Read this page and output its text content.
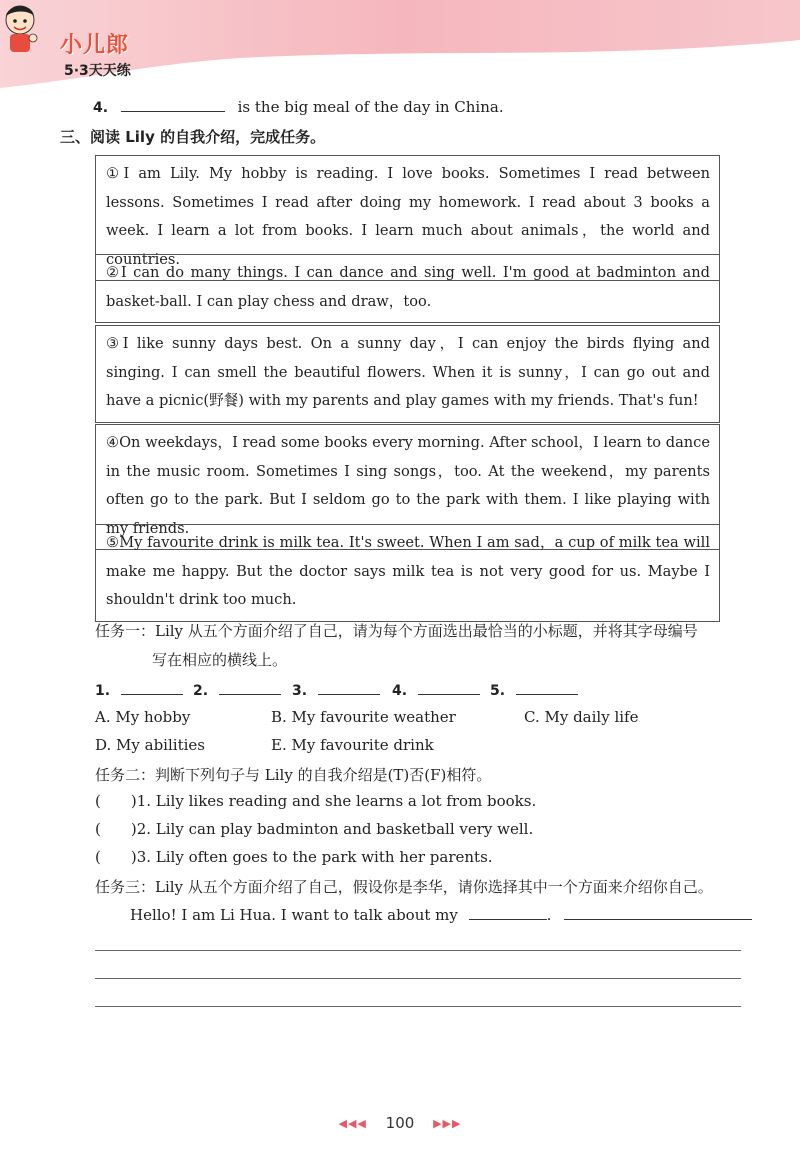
小儿郎
5·3天天练
4.	is the big meal of the day in China.
三、阅读 Lily 的自我介绍，完成任务。
①I am Lily. My hobby is reading. I love books. Sometimes I read between lessons. Sometimes I read after doing my homework. I read about 3 books a week. I learn a lot from books. I learn much about animals，the world and countries.
②I can do many things. I can dance and sing well. I'm good at badminton and basket-ball. I can play chess and draw，too.
③I like sunny days best. On a sunny day，I can enjoy the birds flying and singing. I can smell the beautiful flowers. When it is sunny，I can go out and have a picnic(野餐) with my parents and play games with my friends. That's fun!
④On weekdays，I read some books every morning. After school，I learn to dance in the music room. Sometimes I sing songs，too. At the weekend，my parents often go to the park. But I seldom go to the park with them. I like playing with my friends.
⑤My favourite drink is milk tea. It's sweet. When I am sad，a cup of milk tea will make me happy. But the doctor says milk tea is not very good for us. Maybe I shouldn't drink too much.
任务一：Lily 从五个方面介绍了自己，请为每个方面选出最恰当的小标题，并将其字母编号
写在相应的横线上。
1.	2.	3.	4.	5.
A. My hobby	B. My favourite weather	C. My daily life
D. My abilities	E. My favourite drink
任务二：判断下列句子与 Lily 的自我介绍是(T)否(F)相符。
( )1. Lily likes reading and she learns a lot from books.
( )2. Lily can play badminton and basketball very well.
( )3. Lily often goes to the park with her parents.
任务三：Lily 从五个方面介绍了自己，假设你是李华，请你选择其中一个方面来介绍你自己。
Hello! I am Li Hua. I want to talk about my	.
◀◀◀ 100 ▶▶▶
